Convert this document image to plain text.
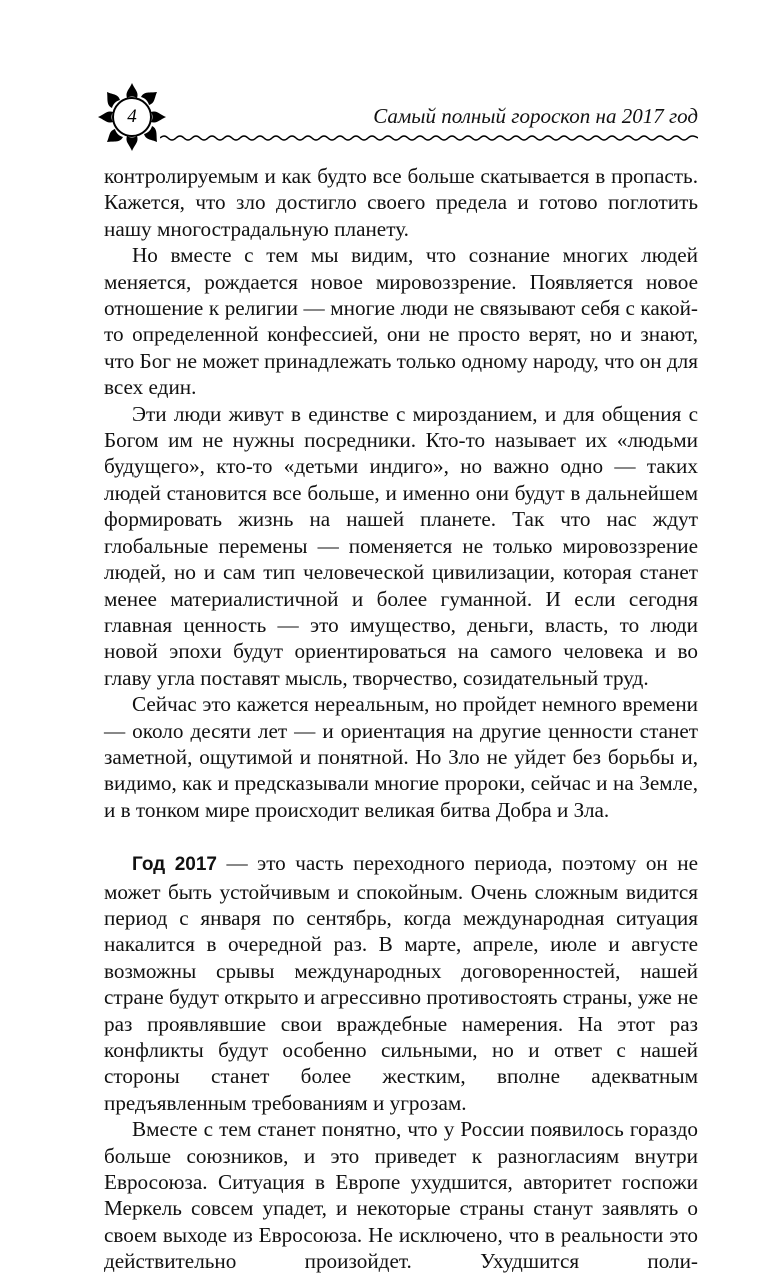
4	Самый полный гороскоп на 2017 год

контролируемым и как будто все больше скатывается в пропасть. Кажется, что зло достигло своего предела и готово поглотить нашу многострадальную планету.

Но вместе с тем мы видим, что сознание многих людей меняется, рождается новое мировоззрение. Появляется новое отношение к религии — многие люди не связывают себя с какой-то определенной конфессией, они не просто верят, но и знают, что Бог не может принадлежать только одному народу, что он для всех един.

Эти люди живут в единстве с мирозданием, и для общения с Богом им не нужны посредники. Кто-то называет их «людьми будущего», кто-то «детьми индиго», но важно одно — таких людей становится все больше, и именно они будут в дальнейшем формировать жизнь на нашей планете. Так что нас ждут глобальные перемены — поменяется не только мировоззрение людей, но и сам тип человеческой цивилизации, которая станет менее материалистичной и более гуманной. И если сегодня главная ценность — это имущество, деньги, власть, то люди новой эпохи будут ориентироваться на самого человека и во главу угла поставят мысль, творчество, созидательный труд.

Сейчас это кажется нереальным, но пройдет немного времени — около десяти лет — и ориентация на другие ценности станет заметной, ощутимой и понятной. Но Зло не уйдет без борьбы и, видимо, как и предсказывали многие пророки, сейчас и на Земле, и в тонком мире происходит великая битва Добра и Зла.

Год 2017 — это часть переходного периода, поэтому он не может быть устойчивым и спокойным. Очень сложным видится период с января по сентябрь, когда международная ситуация накалится в очередной раз. В марте, апреле, июле и августе возможны срывы международных договоренностей, нашей стране будут открыто и агрессивно противостоять страны, уже не раз проявлявшие свои враждебные намерения. На этот раз конфликты будут особенно сильными, но и ответ с нашей стороны станет более жестким, вполне адекватным предъявленным требованиям и угрозам.

Вместе с тем станет понятно, что у России появилось гораздо больше союзников, и это приведет к разногласиям внутри Евросоюза. Ситуация в Европе ухудшится, авторитет госпожи Меркель совсем упадет, и некоторые страны станут заявлять о своем выходе из Евросоюза. Не исключено, что в реальности это действительно произойдет. Ухудшится поли-
